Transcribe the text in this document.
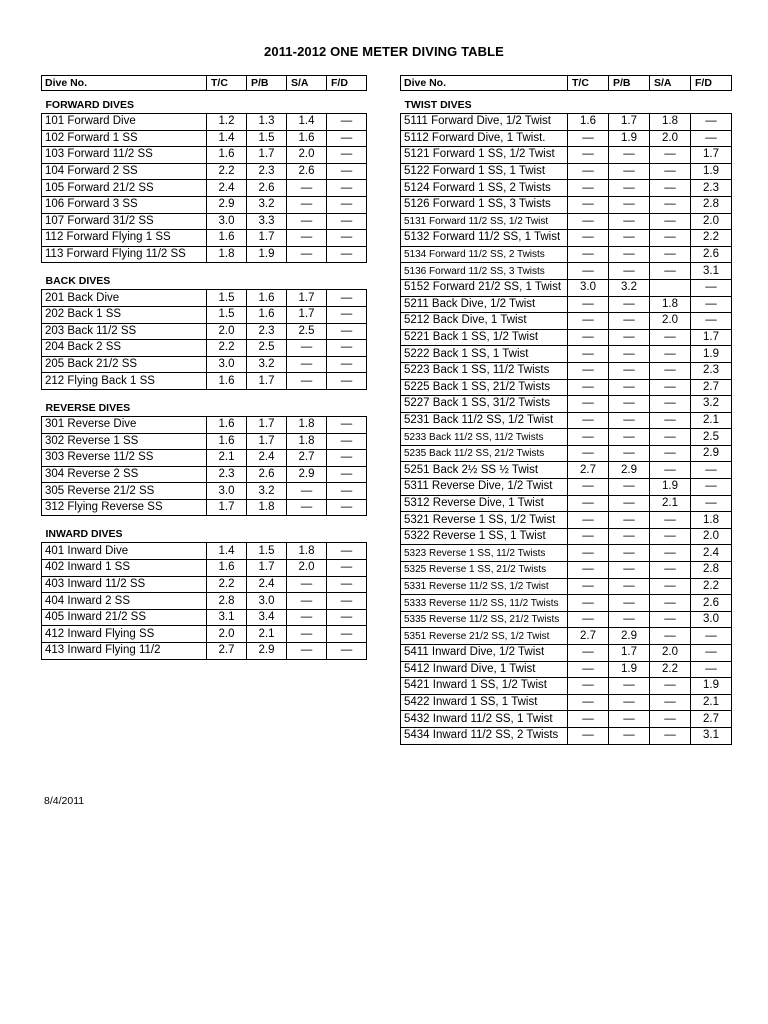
2011-2012 ONE METER DIVING TABLE
Dive No.	T/C	P/B	S/A	F/D
FORWARD DIVES				
101 Forward Dive	1.2	1.3	1.4	—
102 Forward 1 SS	1.4	1.5	1.6	—
103 Forward 11/2 SS	1.6	1.7	2.0	—
104 Forward 2 SS	2.2	2.3	2.6	—
105 Forward 21/2 SS	2.4	2.6	—	—
106 Forward 3 SS	2.9	3.2	—	—
107 Forward 31/2 SS	3.0	3.3	—	—
112 Forward Flying 1 SS	1.6	1.7	—	—
113 Forward Flying 11/2 SS	1.8	1.9	—	—
BACK DIVES				
201 Back Dive	1.5	1.6	1.7	—
202 Back 1 SS	1.5	1.6	1.7	—
203 Back 11/2 SS	2.0	2.3	2.5	—
204 Back 2 SS	2.2	2.5	—	—
205 Back 21/2 SS	3.0	3.2	—	—
212 Flying Back 1 SS	1.6	1.7	—	—
REVERSE DIVES				
301 Reverse Dive	1.6	1.7	1.8	—
302 Reverse 1 SS	1.6	1.7	1.8	—
303 Reverse 11/2 SS	2.1	2.4	2.7	—
304 Reverse 2 SS	2.3	2.6	2.9	—
305 Reverse 21/2 SS	3.0	3.2	—	—
312 Flying Reverse SS	1.7	1.8	—	—
INWARD DIVES				
401 Inward Dive	1.4	1.5	1.8	—
402 Inward 1 SS	1.6	1.7	2.0	—
403 Inward 11/2 SS	2.2	2.4	—	—
404 Inward 2 SS	2.8	3.0	—	—
405 Inward 21/2 SS	3.1	3.4	—	—
412 Inward Flying SS	2.0	2.1	—	—
413 Inward Flying 11/2	2.7	2.9	—	—
Dive No.	T/C	P/B	S/A	F/D
TWIST DIVES				
5111 Forward Dive, 1/2 Twist	1.6	1.7	1.8	—
5112 Forward Dive, 1 Twist.	—	1.9	2.0	—
5121 Forward 1 SS, 1/2 Twist	—	—	—	1.7
5122 Forward 1 SS, 1 Twist	—	—	—	1.9
5124 Forward 1 SS, 2 Twists	—	—	—	2.3
5126 Forward 1 SS, 3 Twists	—	—	—	2.8
5131 Forward 11/2 SS, 1/2 Twist	—	—	—	2.0
5132 Forward 11/2 SS, 1 Twist	—	—	—	2.2
5134 Forward 11/2 SS, 2 Twists	—	—	—	2.6
5136 Forward 11/2 SS, 3 Twists	—	—	—	3.1
5152 Forward 21/2 SS, 1 Twist	3.0	3.2		—
5211 Back Dive, 1/2 Twist	—	—	1.8	—
5212 Back Dive, 1 Twist	—	—	2.0	—
5221 Back 1 SS, 1/2 Twist	—	—	—	1.7
5222 Back 1 SS, 1 Twist	—	—	—	1.9
5223 Back 1 SS, 11/2 Twists	—	—	—	2.3
5225 Back 1 SS, 21/2 Twists	—	—	—	2.7
5227 Back 1 SS, 31/2 Twists	—	—	—	3.2
5231 Back 11/2 SS, 1/2 Twist	—	—	—	2.1
5233 Back 11/2 SS, 11/2 Twists	—	—	—	2.5
5235 Back 11/2 SS, 21/2 Twists	—	—	—	2.9
5251 Back 2½ SS ½ Twist	2.7	2.9	—	—
5311 Reverse Dive, 1/2 Twist	—	—	1.9	—
5312 Reverse Dive, 1 Twist	—	—	2.1	—
5321 Reverse 1 SS, 1/2 Twist	—	—	—	1.8
5322 Reverse 1 SS, 1 Twist	—	—	—	2.0
5323 Reverse 1 SS, 11/2 Twists	—	—	—	2.4
5325 Reverse 1 SS, 21/2 Twists	—	—	—	2.8
5331 Reverse 11/2 SS, 1/2 Twist	—	—	—	2.2
5333 Reverse 11/2 SS, 11/2 Twists	—	—	—	2.6
5335 Reverse 11/2 SS, 21/2 Twists	—	—	—	3.0
5351 Reverse 21/2 SS, 1/2 Twist	2.7	2.9	—	—
5411 Inward Dive, 1/2 Twist	—	1.7	2.0	—
5412 Inward Dive, 1 Twist	—	1.9	2.2	—
5421 Inward 1 SS, 1/2 Twist	—	—	—	1.9
5422 Inward 1 SS, 1 Twist	—	—	—	2.1
5432 Inward 11/2 SS, 1 Twist	—	—	—	2.7
5434 Inward 11/2 SS, 2 Twists	—	—	—	3.1
8/4/2011
